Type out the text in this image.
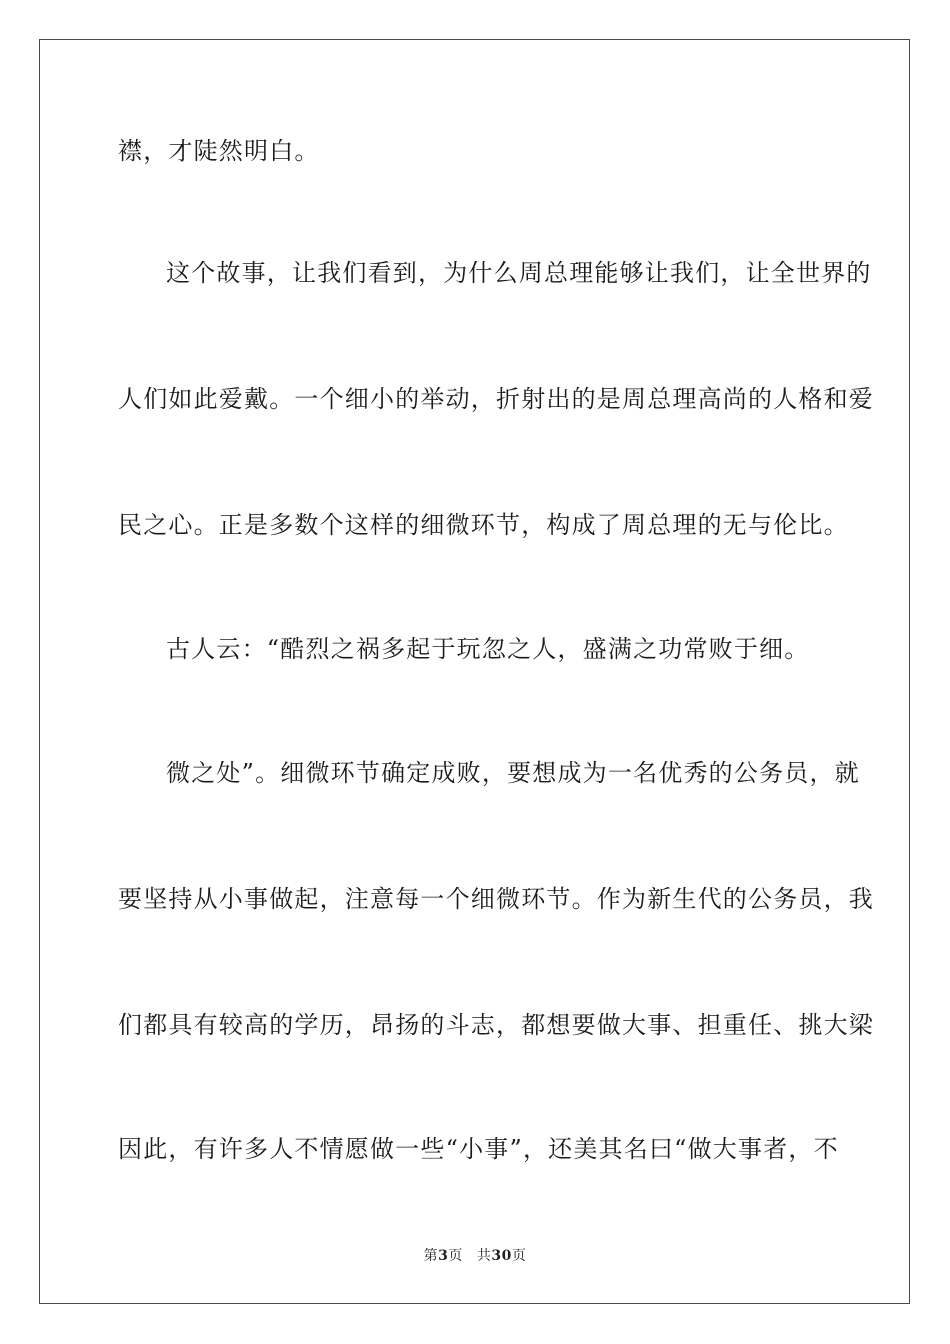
襟，才陡然明白。
这个故事，让我们看到，为什么周总理能够让我们，让全世界的
人们如此爱戴。一个细小的举动，折射出的是周总理高尚的人格和爱
民之心。正是多数个这样的细微环节，构成了周总理的无与伦比。
古人云：“酷烈之祸多起于玩忽之人，盛满之功常败于细。
微之处”。细微环节确定成败，要想成为一名优秀的公务员，就
要坚持从小事做起，注意每一个细微环节。作为新生代的公务员，我
们都具有较高的学历，昂扬的斗志，都想要做大事、担重任、挑大梁
因此，有许多人不情愿做一些“小事”，还美其名曰“做大事者，不
第3页 共30页
